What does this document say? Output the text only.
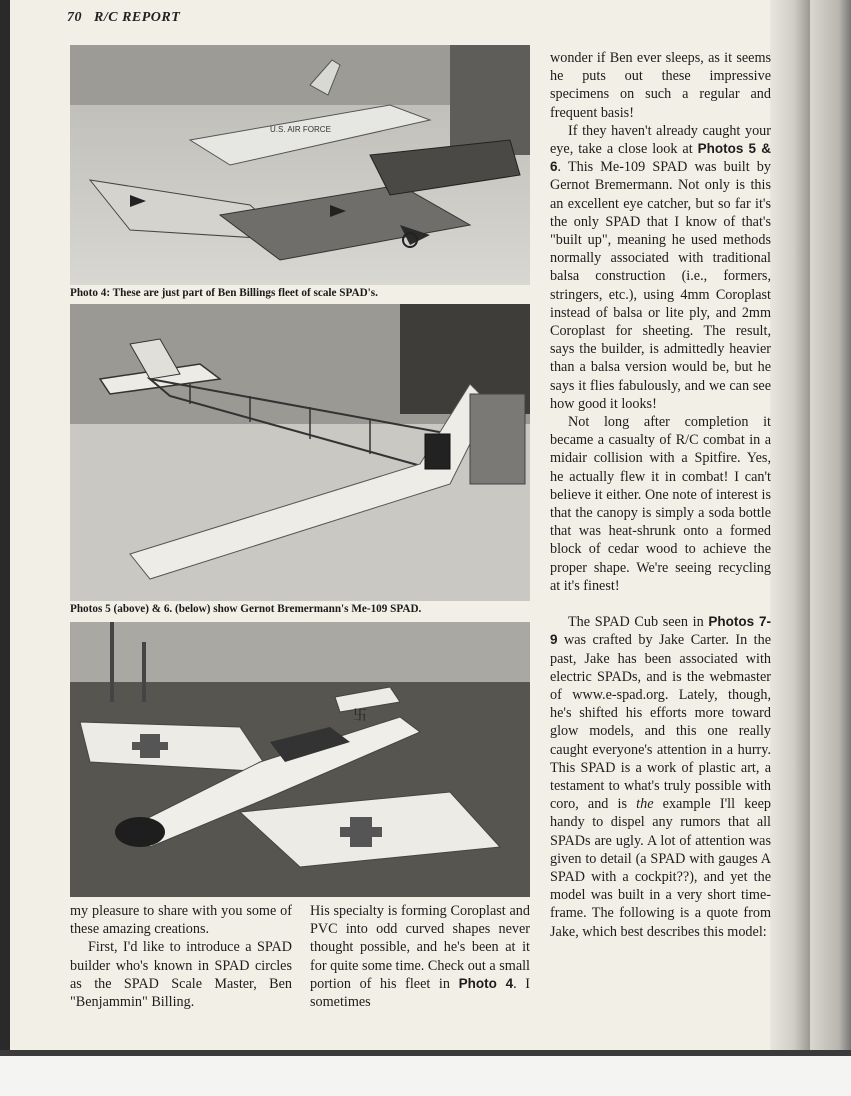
70 R/C REPORT
U.S. AIR FORCE
Photo 4: These are just part of Ben Billings fleet of scale SPAD's.
Photos 5 (above) & 6. (below) show Gernot Bremermann's Me-109 SPAD.
卐

my pleasure to share with you some of these amazing creations.

First, I'd like to introduce a SPAD builder who's known in SPAD circles as the SPAD Scale Master, Ben "Benjammin" Billing.

His specialty is forming Coroplast and PVC into odd curved shapes never thought possible, and he's been at it for quite some time. Check out a small portion of his fleet in Photo 4. I sometimes

wonder if Ben ever sleeps, as it seems he puts out these impressive specimens on such a regular and frequent basis!

If they haven't already caught your eye, take a close look at Photos 5 & 6. This Me-109 SPAD was built by Gernot Bremermann. Not only is this an excellent eye catcher, but so far it's the only SPAD that I know of that's "built up", meaning he used methods normally associated with traditional balsa construction (i.e., formers, stringers, etc.), using 4mm Coroplast instead of balsa or lite ply, and 2mm Coroplast for sheeting. The result, says the builder, is admittedly heavier than a balsa version would be, but he says it flies fabulously, and we can see how good it looks!

Not long after completion it became a casualty of R/C combat in a midair collision with a Spitfire. Yes, he actually flew it in combat! I can't believe it either. One note of interest is that the canopy is simply a soda bottle that was heat-shrunk onto a formed block of cedar wood to achieve the proper shape. We're seeing recycling at it's finest!

The SPAD Cub seen in Photos 7-9 was crafted by Jake Carter. In the past, Jake has been associated with electric SPADs, and is the webmaster of www.e-spad.org. Lately, though, he's shifted his efforts more toward glow models, and this one really caught everyone's attention in a hurry. This SPAD is a work of plastic art, a testament to what's truly possible with coro, and is the example I'll keep handy to dispel any rumors that all SPADs are ugly. A lot of attention was given to detail (a SPAD with gauges A SPAD with a cockpit??), and yet the model was built in a very short time-frame. The following is a quote from Jake, which best describes this model:
